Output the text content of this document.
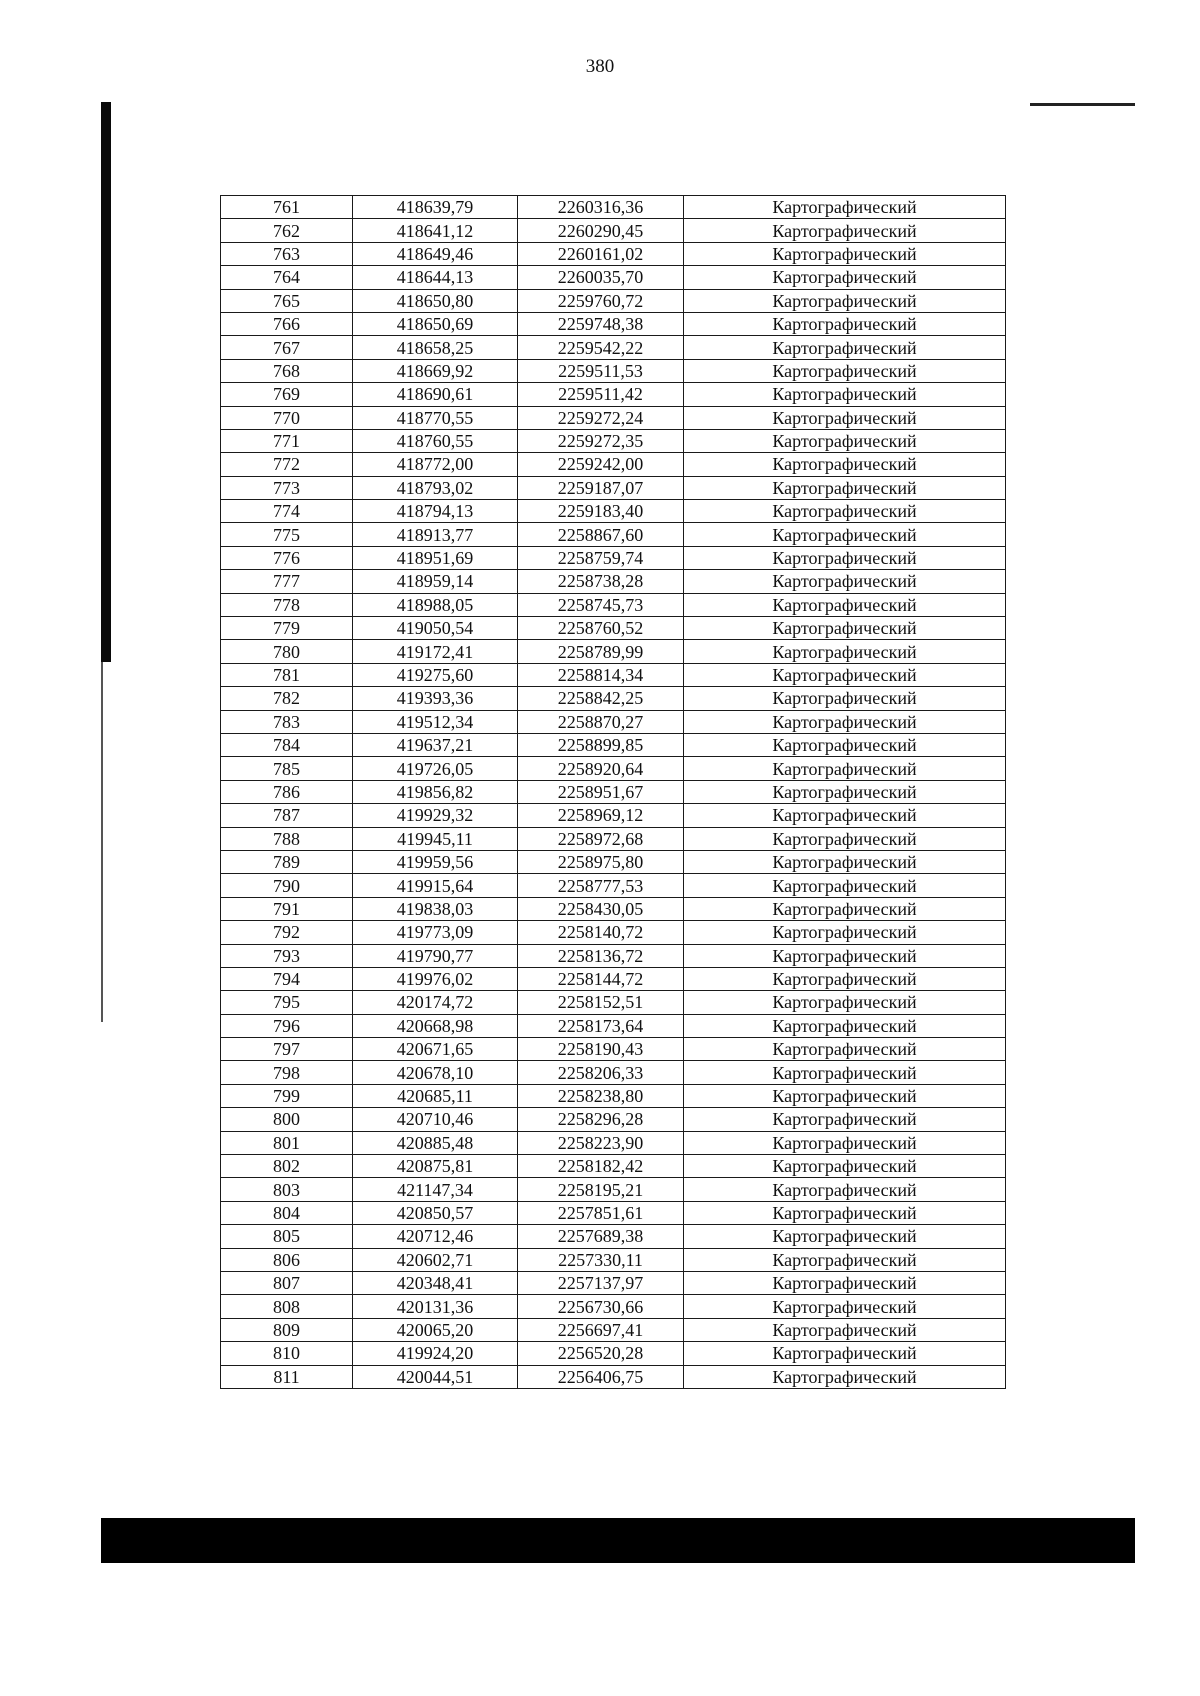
380
761	418639,79	2260316,36	Картографический
762	418641,12	2260290,45	Картографический
763	418649,46	2260161,02	Картографический
764	418644,13	2260035,70	Картографический
765	418650,80	2259760,72	Картографический
766	418650,69	2259748,38	Картографический
767	418658,25	2259542,22	Картографический
768	418669,92	2259511,53	Картографический
769	418690,61	2259511,42	Картографический
770	418770,55	2259272,24	Картографический
771	418760,55	2259272,35	Картографический
772	418772,00	2259242,00	Картографический
773	418793,02	2259187,07	Картографический
774	418794,13	2259183,40	Картографический
775	418913,77	2258867,60	Картографический
776	418951,69	2258759,74	Картографический
777	418959,14	2258738,28	Картографический
778	418988,05	2258745,73	Картографический
779	419050,54	2258760,52	Картографический
780	419172,41	2258789,99	Картографический
781	419275,60	2258814,34	Картографический
782	419393,36	2258842,25	Картографический
783	419512,34	2258870,27	Картографический
784	419637,21	2258899,85	Картографический
785	419726,05	2258920,64	Картографический
786	419856,82	2258951,67	Картографический
787	419929,32	2258969,12	Картографический
788	419945,11	2258972,68	Картографический
789	419959,56	2258975,80	Картографический
790	419915,64	2258777,53	Картографический
791	419838,03	2258430,05	Картографический
792	419773,09	2258140,72	Картографический
793	419790,77	2258136,72	Картографический
794	419976,02	2258144,72	Картографический
795	420174,72	2258152,51	Картографический
796	420668,98	2258173,64	Картографический
797	420671,65	2258190,43	Картографический
798	420678,10	2258206,33	Картографический
799	420685,11	2258238,80	Картографический
800	420710,46	2258296,28	Картографический
801	420885,48	2258223,90	Картографический
802	420875,81	2258182,42	Картографический
803	421147,34	2258195,21	Картографический
804	420850,57	2257851,61	Картографический
805	420712,46	2257689,38	Картографический
806	420602,71	2257330,11	Картографический
807	420348,41	2257137,97	Картографический
808	420131,36	2256730,66	Картографический
809	420065,20	2256697,41	Картографический
810	419924,20	2256520,28	Картографический
811	420044,51	2256406,75	Картографический
